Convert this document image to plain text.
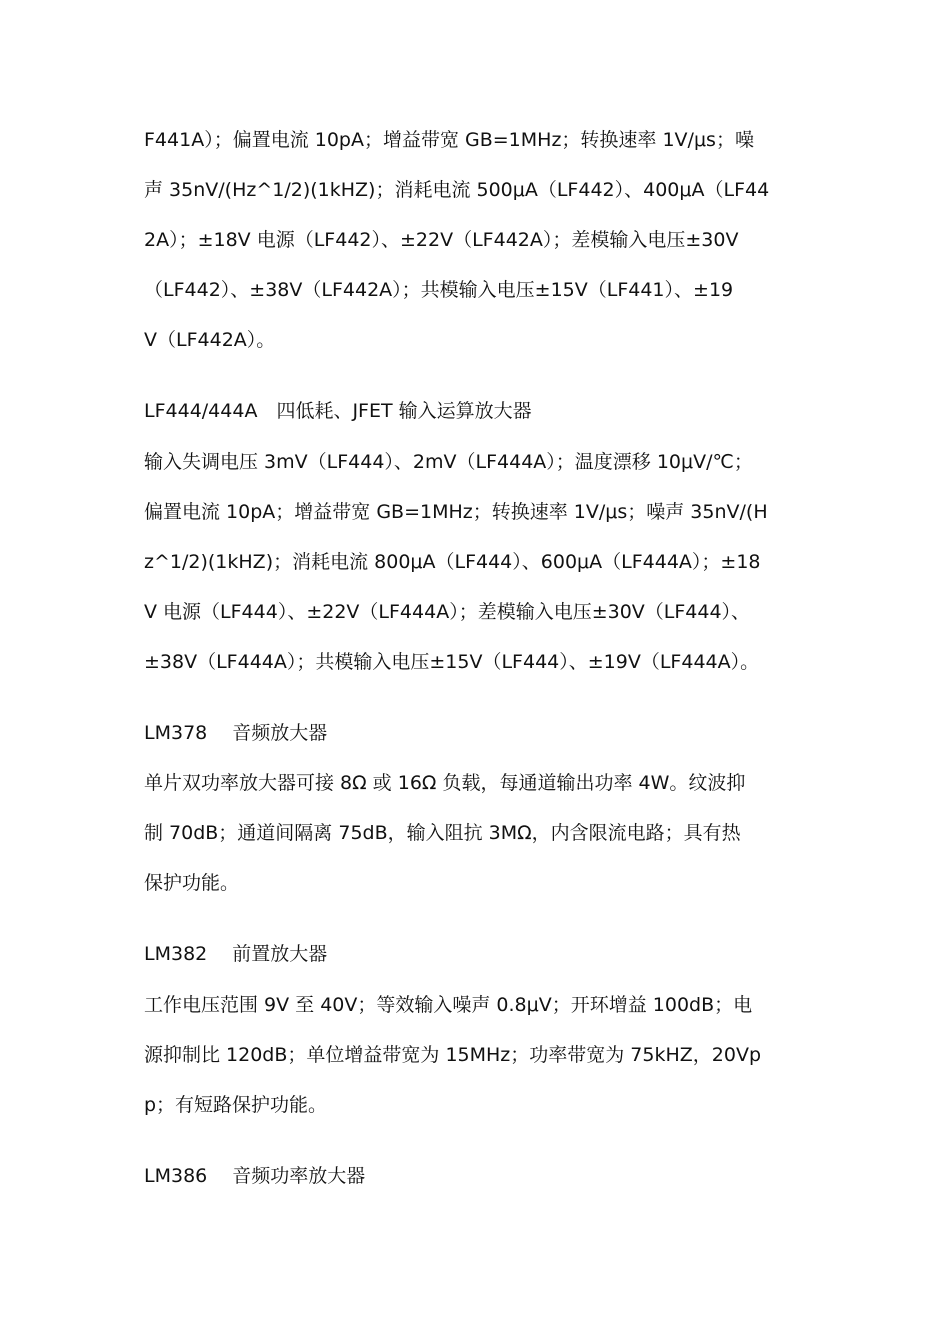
F441A）；偏置电流 10pA；增益带宽 GB=1MHz；转换速率 1V/μs；噪
声 35nV/(Hz^1/2)(1kHZ)；消耗电流 500μA（LF442）、400μA（LF44
2A）；±18V 电源（LF442）、±22V（LF442A）；差模输入电压±30V
（LF442）、±38V（LF442A）；共模输入电压±15V（LF441）、±19
V（LF442A）。
LF444/444A　四低耗、JFET 输入运算放大器
输入失调电压 3mV（LF444）、2mV（LF444A）；温度漂移 10μV/℃；
偏置电流 10pA；增益带宽 GB=1MHz；转换速率 1V/μs；噪声 35nV/(H
z^1/2)(1kHZ)；消耗电流 800μA（LF444）、600μA（LF444A）；±18
V 电源（LF444）、±22V（LF444A）；差模输入电压±30V（LF444）、
±38V（LF444A）；共模输入电压±15V（LF444）、±19V（LF444A）。
LM378　 音频放大器
单片双功率放大器可接 8Ω 或 16Ω 负载，每通道输出功率 4W。纹波抑
制 70dB；通道间隔离 75dB，输入阻抗 3MΩ，内含限流电路；具有热
保护功能。
LM382　 前置放大器
工作电压范围 9V 至 40V；等效输入噪声 0.8μV；开环增益 100dB；电
源抑制比 120dB；单位增益带宽为 15MHz；功率带宽为 75kHZ，20Vp
p；有短路保护功能。
LM386　 音频功率放大器
